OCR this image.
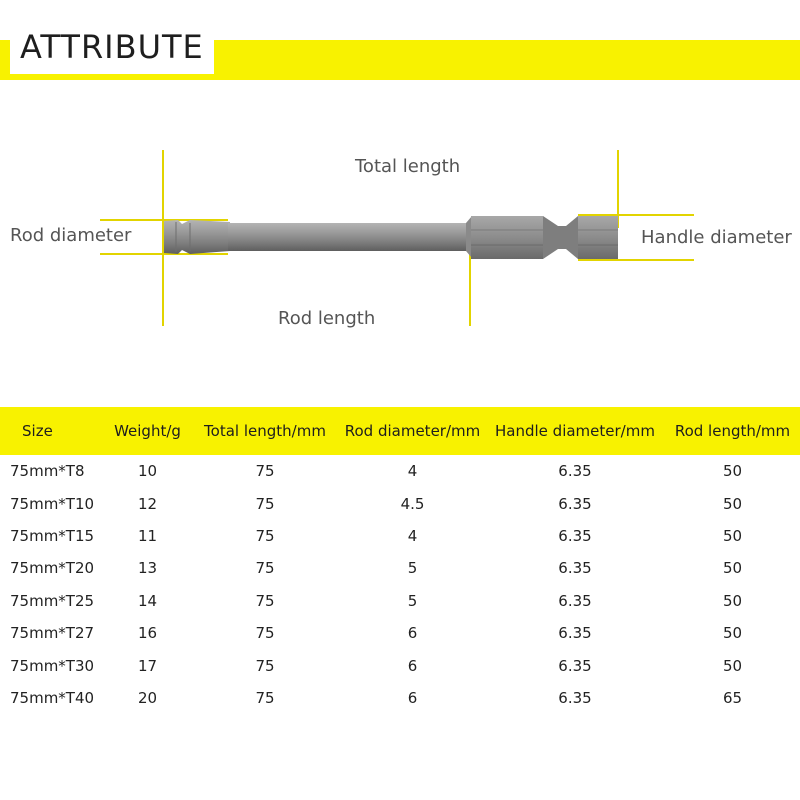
ATTRIBUTE
Total length
Rod diameter	Handle diameter
Rod length
Size	Weight/g	Total length/mm	Rod diameter/mm	Handle diameter/mm	Rod length/mm
75mm*T8	10	75	4	6.35	50
75mm*T10	12	75	4.5	6.35	50
75mm*T15	11	75	4	6.35	50
75mm*T20	13	75	5	6.35	50
75mm*T25	14	75	5	6.35	50
75mm*T27	16	75	6	6.35	50
75mm*T30	17	75	6	6.35	50
75mm*T40	20	75	6	6.35	65
